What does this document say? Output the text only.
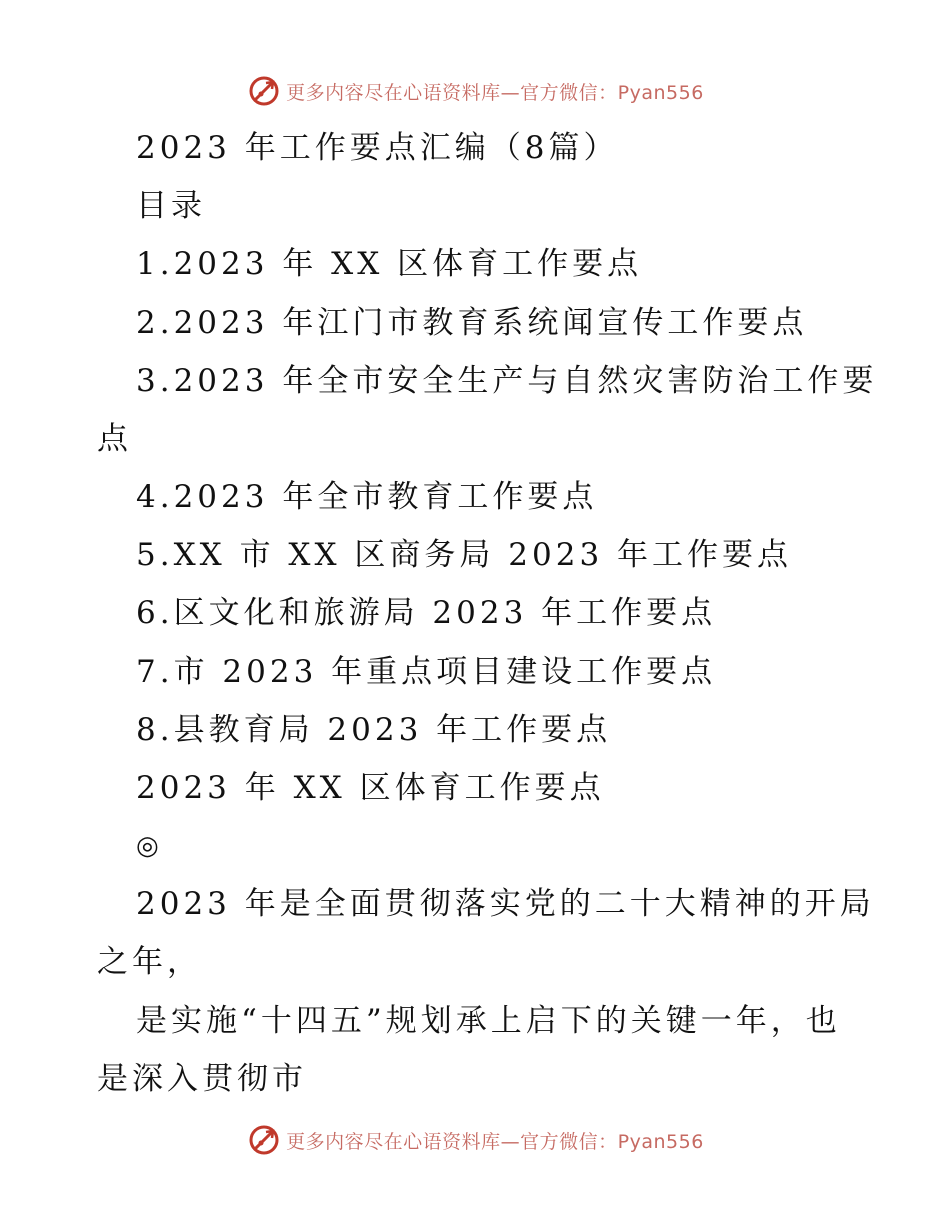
更多内容尽在心语资料库—官方微信：Pyan556
2023 年工作要点汇编（8篇）
目录
1.2023 年 XX 区体育工作要点
2.2023 年江门市教育系统闻宣传工作要点
3.2023 年全市安全生产与自然灾害防治工作要
点
4.2023 年全市教育工作要点
5.XX 市 XX 区商务局 2023 年工作要点
6.区文化和旅游局 2023 年工作要点
7.市 2023 年重点项目建设工作要点
8.县教育局 2023 年工作要点
2023 年 XX 区体育工作要点
◎
2023 年是全面贯彻落实党的二十大精神的开局
之年，
是实施“十四五”规划承上启下的关键一年，也
是深入贯彻市
更多内容尽在心语资料库—官方微信：Pyan556
